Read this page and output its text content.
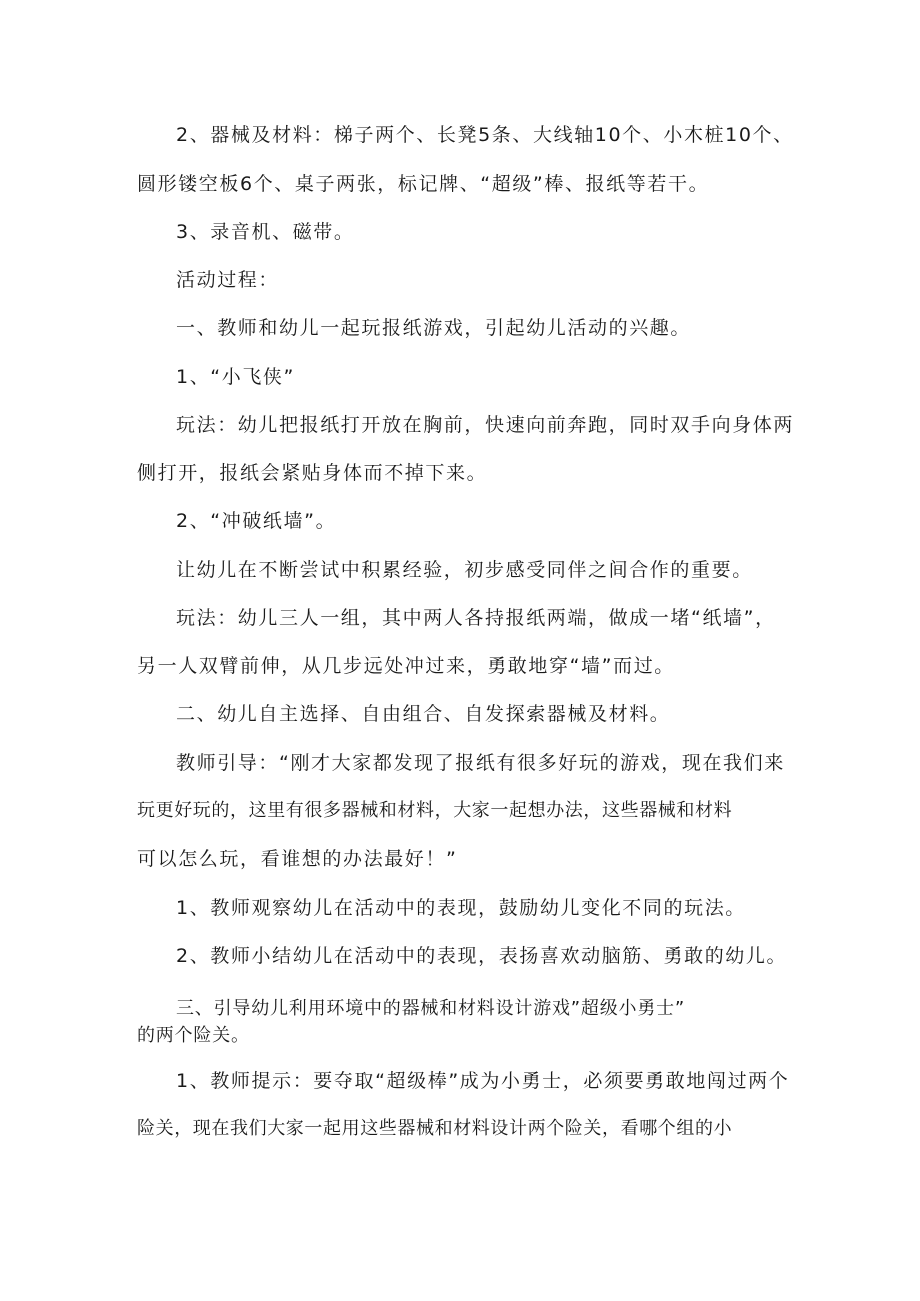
2、器械及材料：梯子两个、长凳5条、大线轴10个、小木桩10个、

圆形镂空板6个、桌子两张，标记牌、“超级”棒、报纸等若干。

3、录音机、磁带。

活动过程：

一、教师和幼儿一起玩报纸游戏，引起幼儿活动的兴趣。

1、“小飞侠”

玩法：幼儿把报纸打开放在胸前，快速向前奔跑，同时双手向身体两

侧打开，报纸会紧贴身体而不掉下来。

2、“冲破纸墙”。

让幼儿在不断尝试中积累经验，初步感受同伴之间合作的重要。

玩法：幼儿三人一组，其中两人各持报纸两端，做成一堵“纸墙”，

另一人双臂前伸，从几步远处冲过来，勇敢地穿“墙”而过。

二、幼儿自主选择、自由组合、自发探索器械及材料。

教师引导：“刚才大家都发现了报纸有很多好玩的游戏，现在我们来

玩更好玩的，这里有很多器械和材料，大家一起想办法，这些器械和材料

可以怎么玩，看谁想的办法最好！”

1、教师观察幼儿在活动中的表现，鼓励幼儿变化不同的玩法。

2、教师小结幼儿在活动中的表现，表扬喜欢动脑筋、勇敢的幼儿。

三、引导幼儿利用环境中的器械和材料设计游戏”超级小勇士”

的两个险关。

1、教师提示：要夺取“超级棒”成为小勇士，必须要勇敢地闯过两个

险关，现在我们大家一起用这些器械和材料设计两个险关，看哪个组的小
